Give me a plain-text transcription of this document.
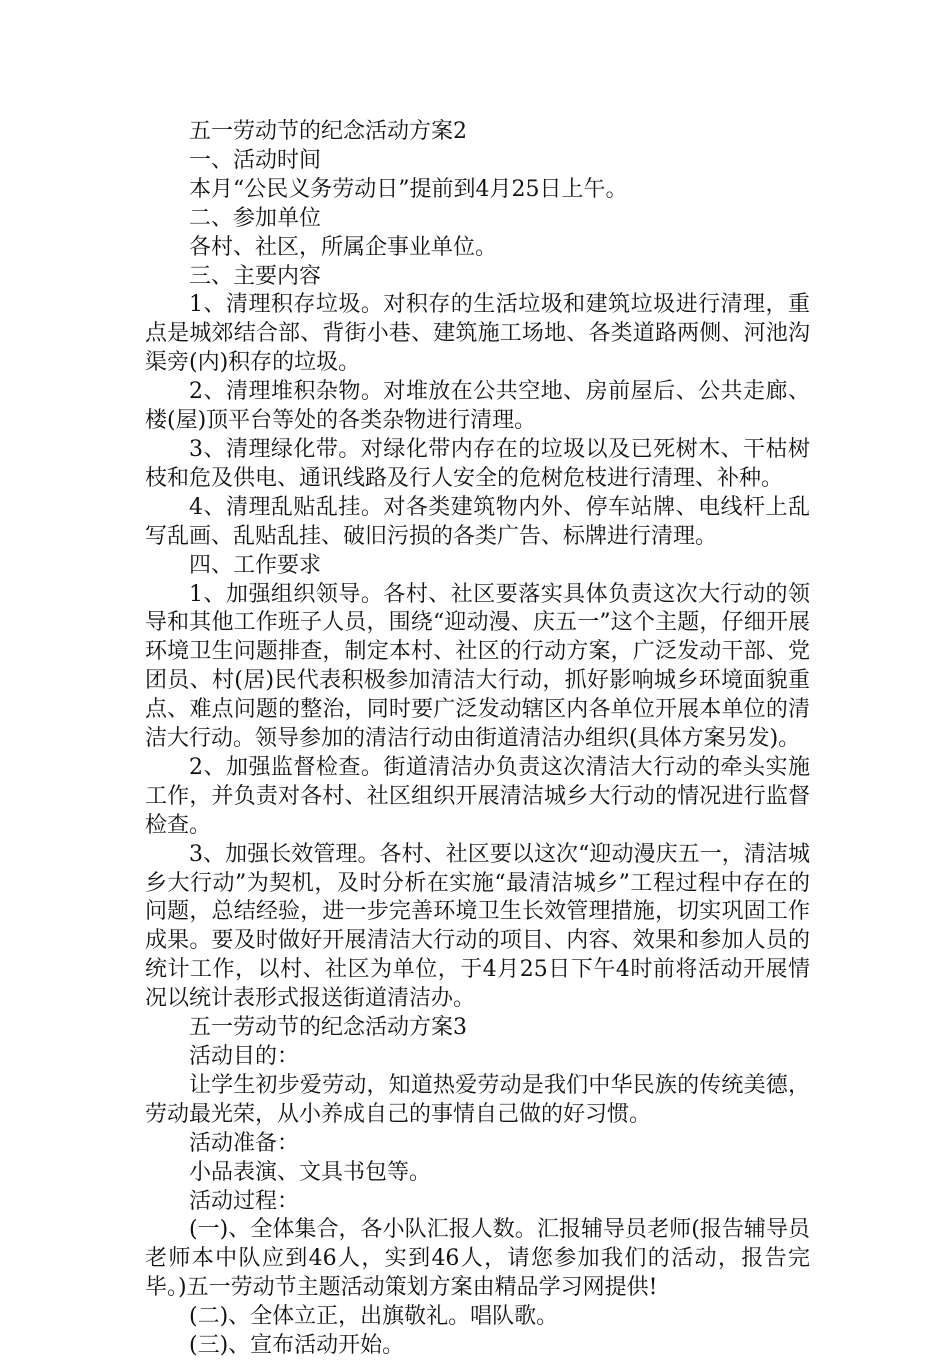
五一劳动节的纪念活动方案2

一、活动时间

本月“公民义务劳动日”提前到4月25日上午。

二、参加单位

各村、社区，所属企事业单位。

三、主要内容

1、清理积存垃圾。对积存的生活垃圾和建筑垃圾进行清理，重点是城郊结合部、背街小巷、建筑施工场地、各类道路两侧、河池沟渠旁(内)积存的垃圾。

2、清理堆积杂物。对堆放在公共空地、房前屋后、公共走廊、楼(屋)顶平台等处的各类杂物进行清理。

3、清理绿化带。对绿化带内存在的垃圾以及已死树木、干枯树枝和危及供电、通讯线路及行人安全的危树危枝进行清理、补种。

4、清理乱贴乱挂。对各类建筑物内外、停车站牌、电线杆上乱写乱画、乱贴乱挂、破旧污损的各类广告、标牌进行清理。

四、工作要求

1、加强组织领导。各村、社区要落实具体负责这次大行动的领导和其他工作班子人员，围绕“迎动漫、庆五一”这个主题，仔细开展环境卫生问题排查，制定本村、社区的行动方案，广泛发动干部、党团员、村(居)民代表积极参加清洁大行动，抓好影响城乡环境面貌重点、难点问题的整治，同时要广泛发动辖区内各单位开展本单位的清洁大行动。领导参加的清洁行动由街道清洁办组织(具体方案另发)。

2、加强监督检查。街道清洁办负责这次清洁大行动的牵头实施工作，并负责对各村、社区组织开展清洁城乡大行动的情况进行监督检查。

3、加强长效管理。各村、社区要以这次“迎动漫庆五一，清洁城乡大行动”为契机，及时分析在实施“最清洁城乡”工程过程中存在的问题，总结经验，进一步完善环境卫生长效管理措施，切实巩固工作成果。要及时做好开展清洁大行动的项目、内容、效果和参加人员的统计工作，以村、社区为单位，于4月25日下午4时前将活动开展情况以统计表形式报送街道清洁办。

五一劳动节的纪念活动方案3

活动目的：

让学生初步爱劳动，知道热爱劳动是我们中华民族的传统美德，劳动最光荣，从小养成自己的事情自己做的好习惯。

活动准备：

小品表演、文具书包等。

活动过程：

(一)、全体集合，各小队汇报人数。汇报辅导员老师(报告辅导员老师本中队应到46人，实到46人，请您参加我们的活动，报告完毕。)五一劳动节主题活动策划方案由精品学习网提供!

(二)、全体立正，出旗敬礼。唱队歌。

(三)、宣布活动开始。
